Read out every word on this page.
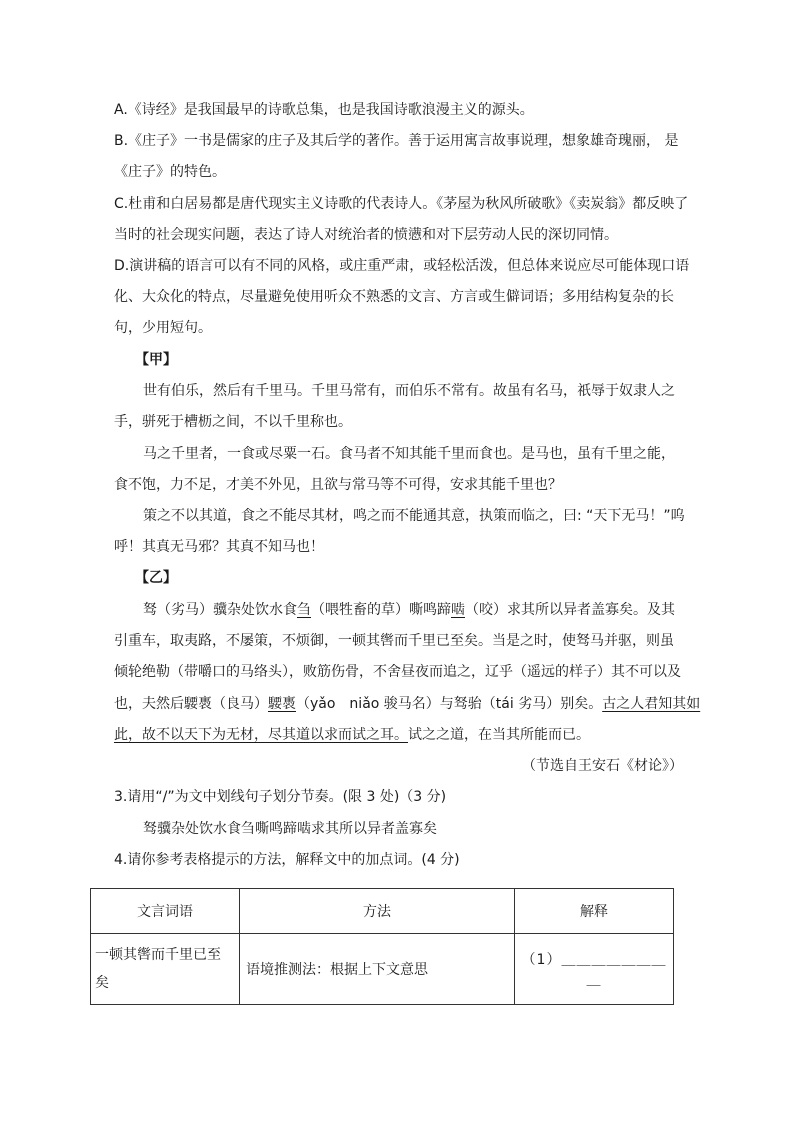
A.《诗经》是我国最早的诗歌总集，也是我国诗歌浪漫主义的源头。
B.《庄子》一书是儒家的庄子及其后学的著作。善于运用寓言故事说理，想象雄奇瑰丽， 是
《庄子》的特色。
C.杜甫和白居易都是唐代现实主义诗歌的代表诗人。《茅屋为秋风所破歌》《卖炭翁》都反映了
当时的社会现实问题，表达了诗人对统治者的愤懑和对下层劳动人民的深切同情。
D.演讲稿的语言可以有不同的风格，或庄重严肃，或轻松活泼，但总体来说应尽可能体现口语
化、大众化的特点，尽量避免使用听众不熟悉的文言、方言或生僻词语；多用结构复杂的长
句，少用短句。
【甲】
世有伯乐，然后有千里马。千里马常有，而伯乐不常有。故虽有名马，祇辱于奴隶人之
手，骈死于槽枥之间，不以千里称也。
马之千里者，一食或尽粟一石。食马者不知其能千里而食也。是马也，虽有千里之能，
食不饱，力不足，才美不外见，且欲与常马等不可得，安求其能千里也？
策之不以其道，食之不能尽其材，鸣之而不能通其意，执策而临之，曰: “天下无马！”呜
呼！其真无马邪？其真不知马也！
【乙】
驽（劣马）骥杂处饮水食刍（喂牲畜的草）嘶鸣蹄啮（咬）求其所以异者盖寡矣。及其
引重车，取夷路，不屡策，不烦御，一顿其辔而千里已至矣。当是之时，使驽马并驱，则虽
倾轮绝勒（带嚼口的马络头），败筋伤骨，不舍昼夜而追之，辽乎（遥远的样子）其不可以及
也，夫然后騕褭（良马）騕褭（yǎo　niǎo 骏马名）与驽骀（tái 劣马）别矣。古之人君知其如
此，故不以天下为无材，尽其道以求而试之耳。试之之道，在当其所能而已。
（节选自王安石《材论》）
3.请用“/”为文中划线句子划分节奏。(限 3 处)（3 分)
驽骥杂处饮水食刍嘶鸣蹄啮求其所以异者盖寡矣
4.请你参考表格提示的方法，解释文中的加点词。(4 分)
文言词语	方法	解释

一顿其辔而千里已至
矣	语境推测法：根据上下文意思	（1）＿＿＿＿＿＿＿＿
